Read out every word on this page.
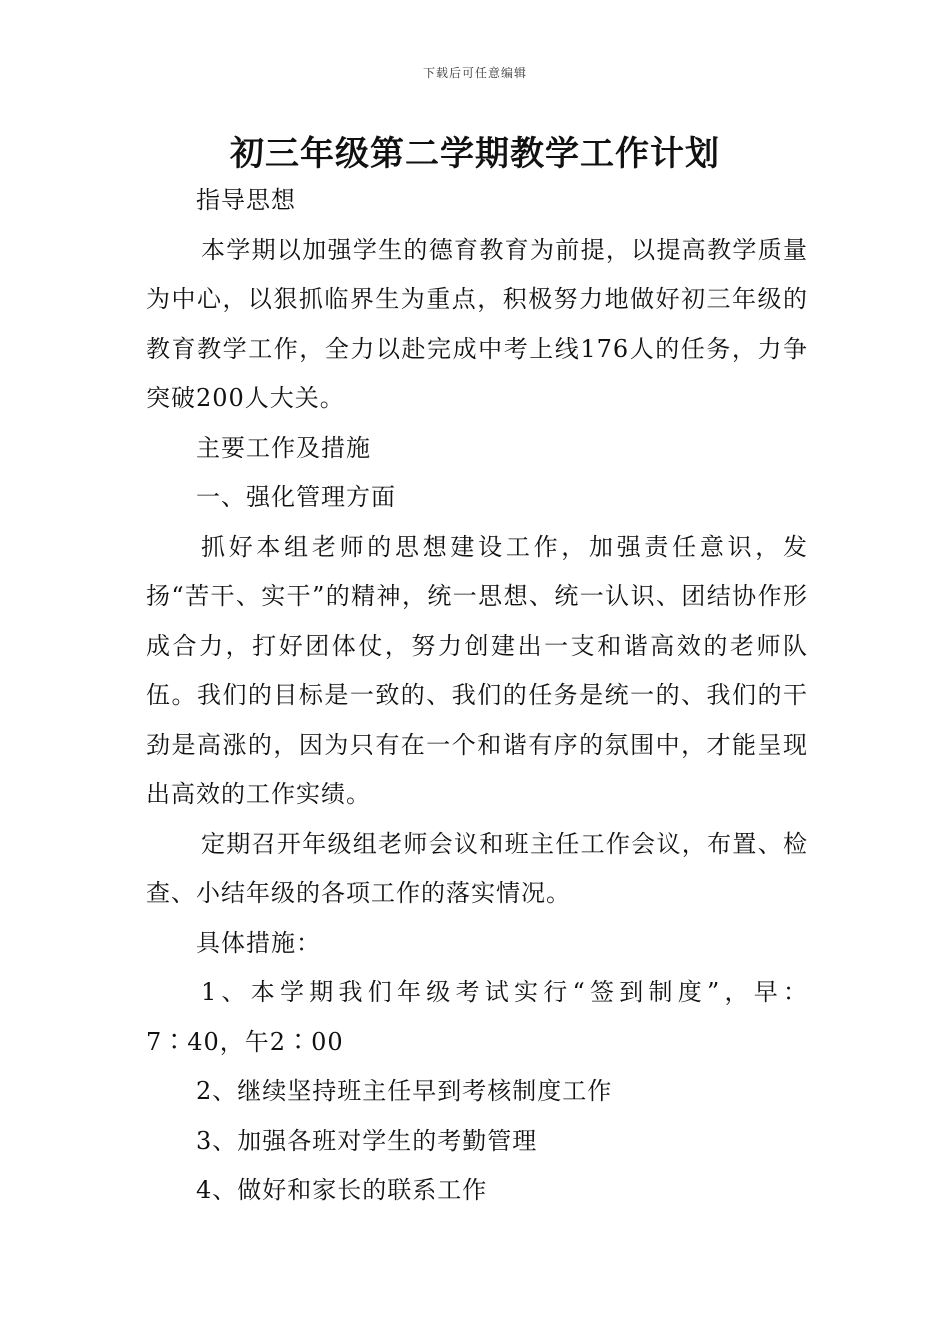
下载后可任意编辑
初三年级第二学期教学工作计划

指导思想

本学期以加强学生的德育教育为前提，以提高教学质量为中心，以狠抓临界生为重点，积极努力地做好初三年级的教育教学工作，全力以赴完成中考上线176人的任务，力争突破200人大关。

主要工作及措施

一、强化管理方面

抓好本组老师的思想建设工作，加强责任意识，发扬“苦干、实干”的精神，统一思想、统一认识、团结协作形成合力，打好团体仗，努力创建出一支和谐高效的老师队伍。我们的目标是一致的、我们的任务是统一的、我们的干劲是高涨的，因为只有在一个和谐有序的氛围中，才能呈现出高效的工作实绩。

定期召开年级组老师会议和班主任工作会议，布置、检查、小结年级的各项工作的落实情况。

具体措施：

1、本学期我们年级考试实行“签到制度”，早：7∶40，午2∶00

2、继续坚持班主任早到考核制度工作

3、加强各班对学生的考勤管理

4、做好和家长的联系工作
